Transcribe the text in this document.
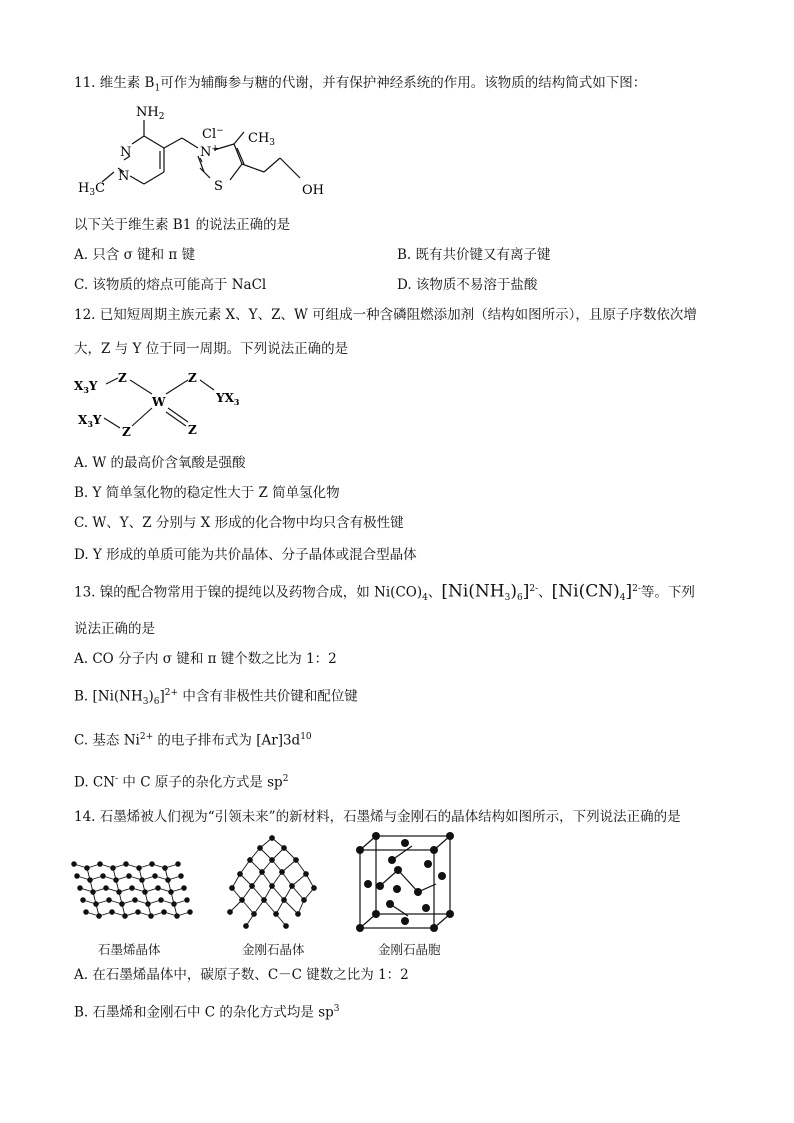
11. 维生素 $B_1$可作为辅酶参与糖的代谢，并有保护神经系统的作用。该物质的结构简式如下图：
$NH_2$
N
N
$H_3C$
Cl−
N+
$CH_3$
S	OH
以下关于维生素 B1 的说法正确的是
A. 只含 σ 键和 π 键	B. 既有共价键又有离子键
C. 该物质的熔点可能高于 NaCl	D. 该物质不易溶于盐酸
12. 已知短周期主族元素 X、Y、Z、W 可组成一种含磷阻燃添加剂（结构如图所示），且原子序数依次增
大，Z 与 Y 位于同一周期。下列说法正确的是
$X_3Y$
Z
W
Z
$YX_3$
$X_3Y$
Z	Z
A. W 的最高价含氧酸是强酸
B. Y 简单氢化物的稳定性大于 Z 简单氢化物
C. W、Y、Z 分别与 X 形成的化合物中均只含有极性键
D. Y 形成的单质可能为共价晶体、分子晶体或混合型晶体
13. 镍的配合物常用于镍的提纯以及药物合成，如 $Ni(CO)_4$、$[Ni(NH_3)_6]^{2-}$、$[Ni(CN)_4]^{2-}$等。下列
说法正确的是
A. CO 分子内 σ 键和 π 键个数之比为 1：2
B. $[Ni(NH_3)_6]^{2+}$ 中含有非极性共价键和配位键
C. 基态 $Ni^{2+}$ 的电子排布式为 $[Ar]3d^{10}$
D. CN- 中 C 原子的杂化方式是 $sp^2$
14. 石墨烯被人们视为“引领未来”的新材料，石墨烯与金刚石的晶体结构如图所示，下列说法正确的是
石墨烯晶体	金刚石晶体	金刚石晶胞
A. 在石墨烯晶体中，碳原子数、C－C 键数之比为 1：2
B. 石墨烯和金刚石中 C 的杂化方式均是 $sp^3$
